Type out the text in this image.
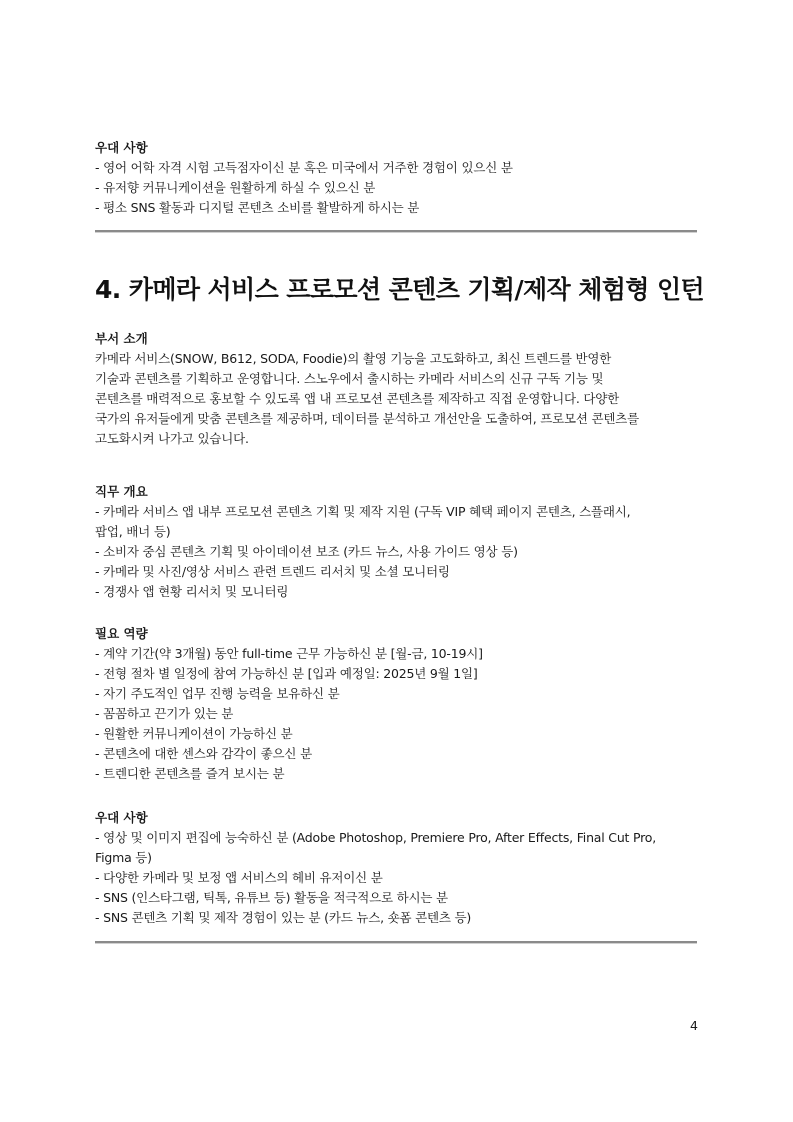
우대 사항
- 영어 어학 자격 시험 고득점자이신 분 혹은 미국에서 거주한 경험이 있으신 분
- 유저향 커뮤니케이션을 원활하게 하실 수 있으신 분
- 평소 SNS 활동과 디지털 콘텐츠 소비를 활발하게 하시는 분
4. 카메라 서비스 프로모션 콘텐츠 기획/제작 체험형 인턴
부서 소개
카메라 서비스(SNOW, B612, SODA, Foodie)의 촬영 기능을 고도화하고, 최신 트렌드를 반영한
기술과 콘텐츠를 기획하고 운영합니다. 스노우에서 출시하는 카메라 서비스의 신규 구독 기능 및
콘텐츠를 매력적으로 홍보할 수 있도록 앱 내 프로모션 콘텐츠를 제작하고 직접 운영합니다. 다양한
국가의 유저들에게 맞춤 콘텐츠를 제공하며, 데이터를 분석하고 개선안을 도출하여, 프로모션 콘텐츠를
고도화시켜 나가고 있습니다.
직무 개요
- 카메라 서비스 앱 내부 프로모션 콘텐츠 기획 및 제작 지원 (구독 VIP 혜택 페이지 콘텐츠, 스플래시,
팝업, 배너 등)
- 소비자 중심 콘텐츠 기획 및 아이데이션 보조 (카드 뉴스, 사용 가이드 영상 등)
- 카메라 및 사진/영상 서비스 관련 트렌드 리서치 및 소셜 모니터링
- 경쟁사 앱 현황 리서치 및 모니터링
필요 역량
- 계약 기간(약 3개월) 동안 full-time 근무 가능하신 분 [월-금, 10-19시]
- 전형 절차 별 일정에 참여 가능하신 분 [입과 예정일: 2025년 9월 1일]
- 자기 주도적인 업무 진행 능력을 보유하신 분
- 꼼꼼하고 끈기가 있는 분
- 원활한 커뮤니케이션이 가능하신 분
- 콘텐츠에 대한 센스와 감각이 좋으신 분
- 트렌디한 콘텐츠를 즐겨 보시는 분
우대 사항
- 영상 및 이미지 편집에 능숙하신 분 (Adobe Photoshop, Premiere Pro, After Effects, Final Cut Pro,
Figma 등)
- 다양한 카메라 및 보정 앱 서비스의 헤비 유저이신 분
- SNS (인스타그램, 틱톡, 유튜브 등) 활동을 적극적으로 하시는 분
- SNS 콘텐츠 기획 및 제작 경험이 있는 분 (카드 뉴스, 숏폼 콘텐츠 등)
4
